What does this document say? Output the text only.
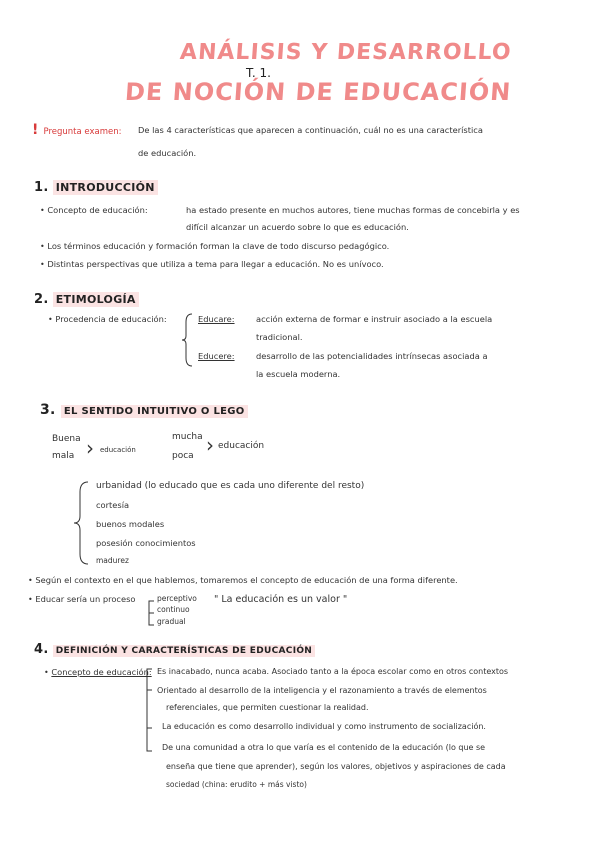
ANÁLISIS Y DESARROLLO
T. 1.
DE NOCIÓN DE EDUCACIÓN
! Pregunta examen: De las 4 características que aparecen a continuación, cuál no es una característica
de educación.
1. INTRODUCCIÓN
• Concepto de educación:	ha estado presente en muchos autores, tiene muchas formas de concebirla y es
difícil alcanzar un acuerdo sobre lo que es educación.
• Los términos educación y formación forman la clave de todo discurso pedagógico.
• Distintas perspectivas que utiliza a tema para llegar a educación. No es unívoco.
2. ETIMOLOGÍA
• Procedencia de educación:	Educare:	acción externa de formar e instruir asociado a la escuela
tradicional.
Educere:	desarrollo de las potencialidades intrínsecas asociada a
la escuela moderna.
3. EL SENTIDO INTUITIVO O LEGO
Buena
mala › educación
mucha
poca › educación
urbanidad (lo educado que es cada uno diferente del resto)
cortesía
buenos modales
posesión conocimientos
madurez
• Según el contexto en el que hablemos, tomaremos el concepto de educación de una forma diferente.
• Educar sería un proceso	perceptivo
continuo
gradual
" La educación es un valor "
4. DEFINICIÓN Y CARACTERÍSTICAS DE EDUCACIÓN
• Concepto de educación: Es inacabado, nunca acaba. Asociado tanto a la época escolar como en otros contextos
Orientado al desarrollo de la inteligencia y el razonamiento a través de elementos
referenciales, que permiten cuestionar la realidad.
La educación es como desarrollo individual y como instrumento de socialización.
De una comunidad a otra lo que varía es el contenido de la educación (lo que se
enseña que tiene que aprender), según los valores, objetivos y aspiraciones de cada
sociedad (china: erudito + más visto)
